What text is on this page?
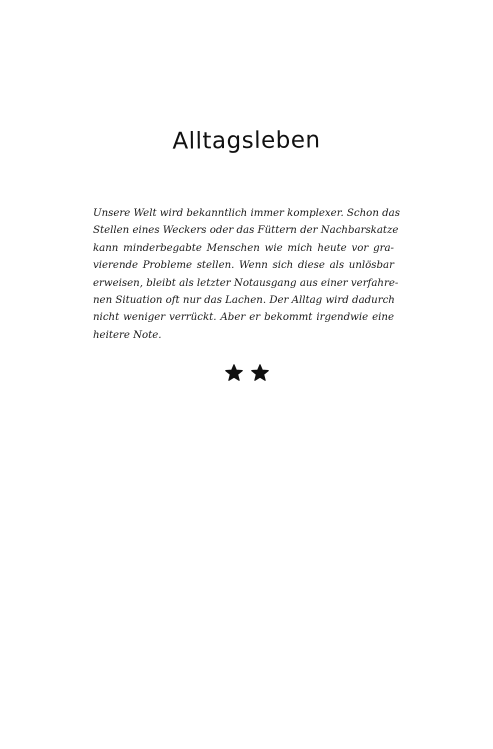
Alltagsleben

Unsere Welt wird bekanntlich immer komplexer. Schon das
Stellen eines Weckers oder das Füttern der Nachbarskatze
kann minderbegabte Menschen wie mich heute vor gra-
vierende Probleme stellen. Wenn sich diese als unlösbar
erweisen, bleibt als letzter Notausgang aus einer verfahre-
nen Situation oft nur das Lachen. Der Alltag wird dadurch
nicht weniger verrückt. Aber er bekommt irgendwie eine
heitere Note.
